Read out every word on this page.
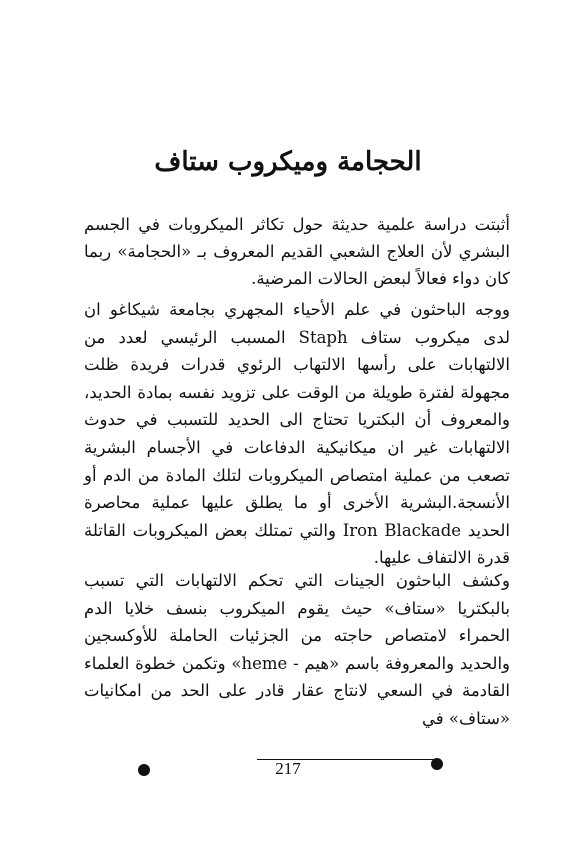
الحجامة وميكروب ستاف

أثبتت دراسة علمية حديثة حول تكاثر الميكروبات في الجسم البشري لأن العلاج الشعبي القديم المعروف بـ «الحجامة» ربما كان دواء فعالاً لبعض الحالات المرضية.

ووجه الباحثون في علم الأحياء المجهري بجامعة شيكاغو ان لدى ميكروب ستاف Staph المسبب الرئيسي لعدد من الالتهابات على رأسها الالتهاب الرئوي قدرات فريدة ظلت مجهولة لفترة طويلة من الوقت على تزويد نفسه بمادة الحديد، والمعروف أن البكتريا تحتاج الى الحديد للتسبب في حدوث الالتهابات غير ان ميكانيكية الدفاعات في الأجسام البشرية تصعب من عملية امتصاص الميكروبات لتلك المادة من الدم أو الأنسجة.البشرية الأخرى أو ما يطلق عليها عملية محاصرة الحديد Iron Blackade والتي تمتلك بعض الميكروبات القاتلة قدرة الالتفاف عليها.

وكشف الباحثون الجينات التي تحكم الالتهابات التي تسبب بالبكتريا «ستاف» حيث يقوم الميكروب بنسف خلايا الدم الحمراء لامتصاص حاجته من الجزئيات الحاملة للأوكسجين والحديد والمعروفة باسم «هيم - heme» وتكمن خطوة العلماء القادمة في السعي لانتاج عقار قادر على الحد من امكانيات «ستاف» في

217
